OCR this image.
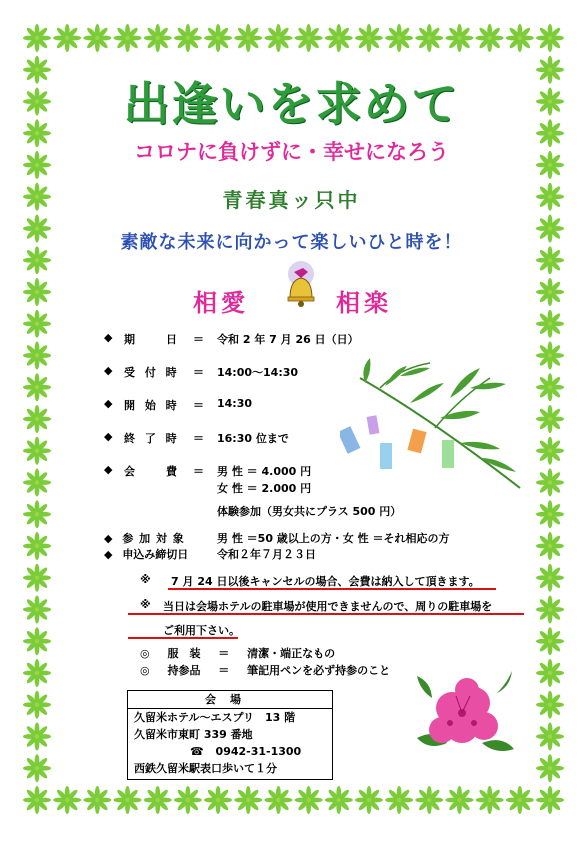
出逢いを求めて
コロナに負けずに・幸せになろう
青春真ッ只中
素敵な未来に向かって楽しいひと時を！
相愛	相楽
◆ 期　　日 ＝ 令和 2 年 7 月 26 日（日）
◆ 受 付 時 ＝ 14:00〜14:30
◆ 開 始 時 ＝ 14:30
◆ 終 了 時 ＝ 16:30 位まで
◆ 会　　費 ＝ 男 性 ＝ 4.000 円
女 性 ＝ 2.000 円
体験参加（男女共にプラス 500 円）
◆ 参 加 対 象	男 性 ＝50 歳以上の方・女 性 ＝それ相応の方
◆ 申込み締切日	令和２年７月２３日
※ 7 月 24 日以後キャンセルの場合、会費は納入して頂きます。
※ 当日は会場ホテルの駐車場が使用できませんので、周りの駐車場を
ご利用下さい。
◎ 服　装 ＝ 清潔・端正なもの
◎ 持参品 ＝ 筆記用ペンを必ず持参のこと
会場
久留米ホテル〜エスプリ　13 階
久留米市東町 339 番地
☎ 0942-31-1300
西鉄久留米駅表口歩いて１分
